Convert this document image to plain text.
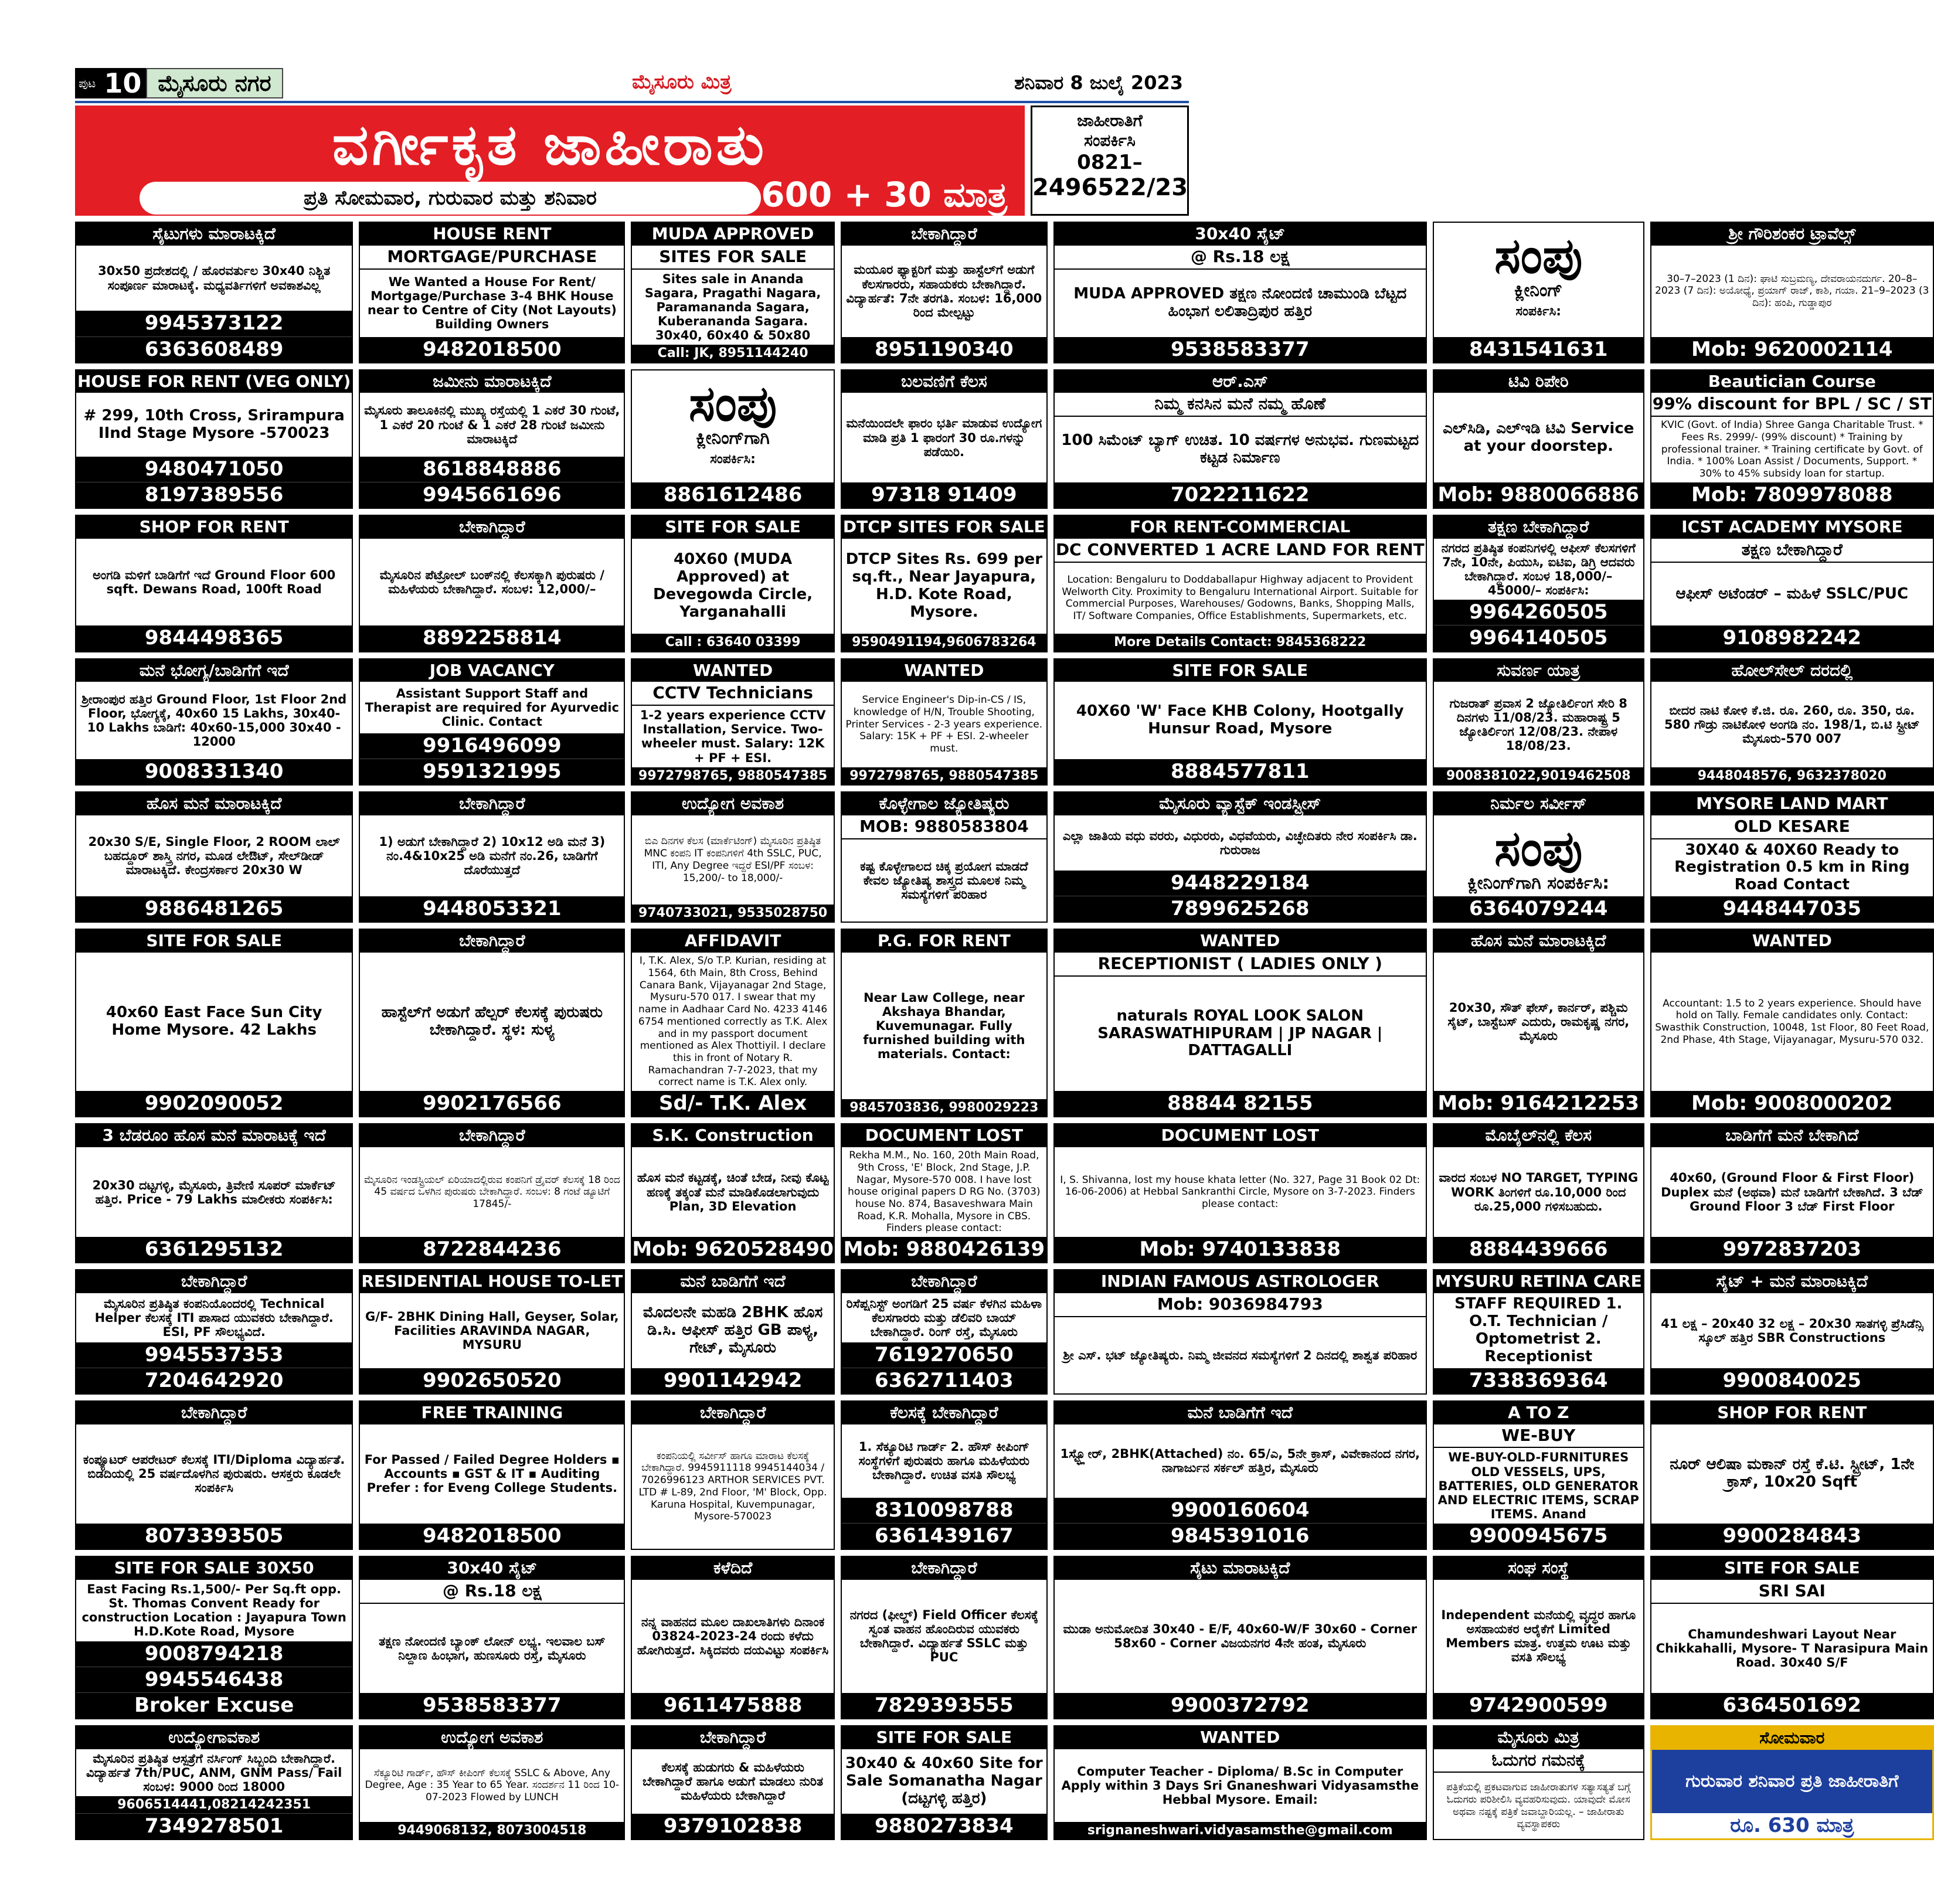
ಪುಟ 10 ಮೈಸೂರು ನಗರ	ಮೈಸೂರು ಮಿತ್ರ	ಶನಿವಾರ 8 ಜುಲೈ 2023
ವರ್ಗೀಕೃತ ಜಾಹೀರಾತು
ಪ್ರತಿ ಸೋಮವಾರ, ಗುರುವಾರ ಮತ್ತು ಶನಿವಾರ	ರೂ. 600 + 30 ಮಾತ್ರ
ಜಾಹೀರಾತಿಗೆ
ಸಂಪರ್ಕಿಸಿ
0821–
2496522/23
ಸೈಟುಗಳು ಮಾರಾಟಕ್ಕಿದೆ
30x50 ಪ್ರದೇಶದಲ್ಲಿ / ಹೊರವರ್ತುಲ 30x40 ನಿಶ್ಚಿತ ಸಂಪೂರ್ಣ ಮಾರಾಟಕ್ಕೆ. ಮಧ್ಯವರ್ತಿಗಳಿಗೆ ಅವಕಾಶವಿಲ್ಲ
9945373122
6363608489
HOUSE RENT
MORTGAGE/PURCHASE
We Wanted a House For Rent/ Mortgage/Purchase 3-4 BHK House near to Centre of City (Not Layouts) Building Owners
9482018500
MUDA APPROVED
SITES FOR SALE
Sites sale in Ananda Sagara, Pragathi Nagara, Paramananda Sagara, Kuberananda Sagara. 30x40, 60x40 & 50x80
Call: JK, 8951144240
ಬೇಕಾಗಿದ್ದಾರೆ
ಮಯೂರ ಫ್ಯಾಕ್ಟರಿಗೆ ಮತ್ತು ಹಾಸ್ಟೆಲ್‌ಗೆ ಅಡುಗೆ ಕೆಲಸಗಾರರು, ಸಹಾಯಕರು ಬೇಕಾಗಿದ್ದಾರೆ. ವಿದ್ಯಾರ್ಹತೆ: 7ನೇ ತರಗತಿ. ಸಂಬಳ: 16,000 ರಿಂದ ಮೇಲ್ಪಟ್ಟು
8951190340
30x40 ಸೈಟ್
@ Rs.18 ಲಕ್ಷ
MUDA APPROVED ತಕ್ಷಣ ನೋಂದಣಿ ಚಾಮುಂಡಿ ಬೆಟ್ಟದ ಹಿಂಭಾಗ ಲಲಿತಾದ್ರಿಪುರ ಹತ್ತಿರ
9538583377
ಸಂಪು
ಕ್ಲೀನಿಂಗ್
ಸಂಪರ್ಕಿಸಿ:
8431541631
ಶ್ರೀ ಗೌರಿಶಂಕರ ಟ್ರಾವೆಲ್ಸ್
30–7–2023 (1 ದಿನ): ಘಾಟಿ ಸುಬ್ರಮಣ್ಯ, ದೇವರಾಯನದುರ್ಗ. 20–8–2023 (7 ದಿನ): ಅಯೋಧ್ಯೆ, ಪ್ರಯಾಗ್ ರಾಜ್, ಕಾಶಿ, ಗಯಾ. 21–9–2023 (3 ದಿನ): ಹಂಪಿ, ಗುಡ್ಡಾಪುರ
Mob: 9620002114
HOUSE FOR RENT (VEG ONLY)
# 299, 10th Cross, Srirampura IInd Stage Mysore -570023
9480471050
8197389556
ಜಮೀನು ಮಾರಾಟಕ್ಕಿದೆ
ಮೈಸೂರು ತಾಲೂಕಿನಲ್ಲಿ ಮುಖ್ಯ ರಸ್ತೆಯಲ್ಲಿ 1 ಎಕರೆ 30 ಗುಂಟೆ, 1 ಎಕರೆ 20 ಗುಂಟೆ & 1 ಎಕರೆ 28 ಗುಂಟೆ ಜಮೀನು ಮಾರಾಟಕ್ಕಿದೆ
8618848886
9945661696
ಸಂಪು
ಕ್ಲೀನಿಂಗ್‌ಗಾಗಿ
ಸಂಪರ್ಕಿಸಿ:
8861612486
ಬಲವಣಿಗೆ ಕೆಲಸ
ಮನೆಯಿಂದಲೇ ಫಾರಂ ಭರ್ತಿ ಮಾಡುವ ಉದ್ಯೋಗ ಮಾಡಿ ಪ್ರತಿ 1 ಫಾರಂಗೆ 30 ರೂ.ಗಳನ್ನು ಪಡೆಯಿರಿ.
97318 91409
ಆರ್.ಎಸ್
ನಿಮ್ಮ ಕನಸಿನ ಮನೆ ನಮ್ಮ ಹೊಣೆ
100 ಸಿಮೆಂಟ್ ಬ್ಯಾಗ್ ಉಚಿತ. 10 ವರ್ಷಗಳ ಅನುಭವ. ಗುಣಮಟ್ಟದ ಕಟ್ಟಡ ನಿರ್ಮಾಣ
7022211622
ಟಿವಿ ರಿಪೇರಿ
ಎಲ್‌ಸಿಡಿ, ಎಲ್‌ಇಡಿ ಟಿವಿ Service at your doorstep.
Mob: 9880066886
Beautician Course
99% discount for BPL / SC / ST
KVIC (Govt. of India) Shree Ganga Charitable Trust. * Fees Rs. 2999/- (99% discount) * Training by professional trainer. * Training certificate by Govt. of India. * 100% Loan Assist / Documents, Support. * 30% to 45% subsidy loan for startup.
Mob: 7809978088
SHOP FOR RENT
ಅಂಗಡಿ ಮಳಿಗೆ ಬಾಡಿಗೆಗೆ ಇದೆ Ground Floor 600 sqft. Dewans Road, 100ft Road
9844498365
ಬೇಕಾಗಿದ್ದಾರೆ
ಮೈಸೂರಿನ ಪೆಟ್ರೋಲ್ ಬಂಕ್‌ನಲ್ಲಿ ಕೆಲಸಕ್ಕಾಗಿ ಪುರುಷರು / ಮಹಿಳೆಯರು ಬೇಕಾಗಿದ್ದಾರೆ. ಸಂಬಳ: 12,000/–
8892258814
SITE FOR SALE
40X60 (MUDA Approved) at Devegowda Circle, Yarganahalli
Call : 63640 03399
DTCP SITES FOR SALE
DTCP Sites Rs. 699 per sq.ft., Near Jayapura, H.D. Kote Road, Mysore.
9590491194,9606783264
FOR RENT-COMMERCIAL
DC CONVERTED 1 ACRE LAND FOR RENT
Location: Bengaluru to Doddaballapur Highway adjacent to Provident Welworth City. Proximity to Bengaluru International Airport. Suitable for Commercial Purposes, Warehouses/ Godowns, Banks, Shopping Malls, IT/ Software Companies, Office Establishments, Supermarkets, etc.
More Details Contact: 9845368222
ತಕ್ಷಣ ಬೇಕಾಗಿದ್ದಾರೆ
ನಗರದ ಪ್ರತಿಷ್ಠಿತ ಕಂಪನಿಗಳಲ್ಲಿ ಆಫೀಸ್ ಕೆಲಸಗಳಿಗೆ 7ನೇ, 10ನೇ, ಪಿಯುಸಿ, ಐಟಿಐ, ಡಿಗ್ರಿ ಆದವರು ಬೇಕಾಗಿದ್ದಾರೆ. ಸಂಬಳ 18,000/– 45000/– ಸಂಪರ್ಕಿಸಿ:
9964260505
9964140505
ICST ACADEMY MYSORE
ತಕ್ಷಣ ಬೇಕಾಗಿದ್ದಾರೆ
ಆಫೀಸ್ ಅಟೆಂಡರ್ – ಮಹಿಳೆ SSLC/PUC
9108982242
ಮನೆ ಭೋಗ್ಯ/ಬಾಡಿಗೆಗೆ ಇದೆ
ಶ್ರೀರಾಂಪುರ ಹತ್ತಿರ Ground Floor, 1st Floor 2nd Floor, ಭೋಗ್ಯಕ್ಕೆ, 40x60 15 Lakhs, 30x40-10 Lakhs ಬಾಡಿಗೆ: 40x60-15,000 30x40 - 12000
9008331340
JOB VACANCY
Assistant Support Staff and Therapist are required for Ayurvedic Clinic. Contact
9916496099
9591321995
WANTED
CCTV Technicians
1-2 years experience CCTV Installation, Service. Two-wheeler must. Salary: 12K + PF + ESI.
9972798765, 9880547385
WANTED
Service Engineer's Dip-in-CS / IS, knowledge of H/N, Trouble Shooting, Printer Services - 2-3 years experience. Salary: 15K + PF + ESI. 2-wheeler must.
9972798765, 9880547385
SITE FOR SALE
40X60 'W' Face KHB Colony, Hootgally Hunsur Road, Mysore
8884577811
ಸುವರ್ಣ ಯಾತ್ರ
ಗುಜರಾತ್ ಪ್ರವಾಸ 2 ಜ್ಯೋತಿರ್ಲಿಂಗ ಸೇರಿ 8 ದಿನಗಳು 11/08/23. ಮಹಾರಾಷ್ಟ್ರ 5 ಜ್ಯೋತಿರ್ಲಿಂಗ 12/08/23. ನೇಪಾಳ 18/08/23.
9008381022,9019462508
ಹೋಲ್‌ಸೇಲ್ ದರದಲ್ಲಿ
ಬೀದರ ನಾಟಿ ಕೋಳಿ ಕೆ.ಜಿ. ರೂ. 260, ರೂ. 350, ರೂ. 580 ಗೌಡ್ರು ನಾಟಿಕೋಳಿ ಅಂಗಡಿ ನಂ. 198/1, ಬಿ.ಟಿ ಸ್ಟ್ರೀಟ್ ಮೈಸೂರು-570 007
9448048576, 9632378020
ಹೊಸ ಮನೆ ಮಾರಾಟಕ್ಕಿದೆ
20x30 S/E, Single Floor, 2 ROOM ಲಾಲ್ ಬಹದ್ದೂರ್ ಶಾಸ್ತ್ರಿ ನಗರ, ಮೂಡ ಲೇಔಟ್, ಸೇಲ್‌ಡೀಡ್ ಮಾರಾಟಕ್ಕಿದೆ. ಕೇಂದ್ರಸರ್ಕಾರ 20x30 W
9886481265
ಬೇಕಾಗಿದ್ದಾರೆ
1) ಅಡುಗೆ ಬೇಕಾಗಿದ್ದಾರೆ 2) 10x12 ಅಡಿ ಮನೆ 3) ನಂ.4&10x25 ಅಡಿ ಮನೆಗೆ ನಂ.26, ಬಾಡಿಗೆಗೆ ದೊರೆಯುತ್ತದೆ
9448053321
ಉದ್ಯೋಗ ಅವಕಾಶ
ಬಿಎ ದಿನಗಳ ಕೆಲಸ (ಮಾರ್ಕೆಟಿಂಗ್) ಮೈಸೂರಿನ ಪ್ರತಿಷ್ಠಿತ MNC ಕಂಪನಿ IT ಕಂಪನಿಗಳಿಗೆ 4th SSLC, PUC, ITI, Any Degree ಇದ್ದರೆ ESI/PF ಸಂಬಳ: 15,200/- to 18,000/-
9740733021, 9535028750
ಕೊಳ್ಳೇಗಾಲ ಜ್ಯೋತಿಷ್ಯರು
MOB: 9880583804
ಕಷ್ಟ ಕೊಳ್ಳೇಗಾಲದ ಚಿಕ್ಕ ಪ್ರಯೋಗ ಮಾಡದೆ ಕೇವಲ ಜ್ಯೋತಿಷ್ಯ ಶಾಸ್ತ್ರದ ಮೂಲಕ ನಿಮ್ಮ ಸಮಸ್ಯೆಗಳಿಗೆ ಪರಿಹಾರ
ಮೈಸೂರು ವ್ಯಾಸ್ಟೆಕ್ ಇಂಡಸ್ಟ್ರೀಸ್
ಎಲ್ಲಾ ಜಾತಿಯ ವಧು ವರರು, ವಿಧುರರು, ವಿಧವೆಯರು, ವಿಚ್ಛೇದಿತರು ನೇರ ಸಂಪರ್ಕಿಸಿ ಡಾ. ಗುರುರಾಜ
9448229184
7899625268
ನಿರ್ಮಲ ಸರ್ವೀಸ್
ಸಂಪು
ಕ್ಲೀನಿಂಗ್‌ಗಾಗಿ ಸಂಪರ್ಕಿಸಿ:
6364079244
MYSORE LAND MART
OLD KESARE
30X40 & 40X60 Ready to Registration 0.5 km in Ring Road Contact
9448447035
SITE FOR SALE
40x60 East Face Sun City Home Mysore. 42 Lakhs
9902090052
ಬೇಕಾಗಿದ್ದಾರೆ
ಹಾಸ್ಟೆಲ್‌ಗೆ ಅಡುಗೆ ಹೆಲ್ಪರ್ ಕೆಲಸಕ್ಕೆ ಪುರುಷರು ಬೇಕಾಗಿದ್ದಾರೆ. ಸ್ಥಳ: ಸುಳ್ಯ
9902176566
AFFIDAVIT
I, T.K. Alex, S/o T.P. Kurian, residing at 1564, 6th Main, 8th Cross, Behind Canara Bank, Vijayanagar 2nd Stage, Mysuru-570 017. I swear that my name in Aadhaar Card No. 4233 4146 6754 mentioned correctly as T.K. Alex and in my passport document mentioned as Alex Thottiyil. I declare this in front of Notary R. Ramachandran 7-7-2023, that my correct name is T.K. Alex only.
Sd/- T.K. Alex
P.G. FOR RENT
Near Law College, near Akshaya Bhandar, Kuvemunagar. Fully furnished building with materials. Contact:
9845703836, 9980029223
WANTED
RECEPTIONIST ( LADIES ONLY )
naturals ROYAL LOOK SALON SARASWATHIPURAM | JP NAGAR | DATTAGALLI
88844 82155
ಹೊಸ ಮನೆ ಮಾರಾಟಕ್ಕಿದೆ
20x30, ಸೌತ್ ಫೇಸ್, ಕಾರ್ನರ್, ಪಶ್ಚಿಮ ಸೈಟ್, ಬಾಸ್ಟೆಬಸ್ ಎದುರು, ರಾಮಕೃಷ್ಣ ನಗರ, ಮೈಸೂರು
Mob: 9164212253
WANTED
Accountant: 1.5 to 2 years experience. Should have hold on Tally. Female candidates only. Contact: Swasthik Construction, 10048, 1st Floor, 80 Feet Road, 2nd Phase, 4th Stage, Vijayanagar, Mysuru-570 032.
Mob: 9008000202
3 ಬೆಡರೂಂ ಹೊಸ ಮನೆ ಮಾರಾಟಕ್ಕೆ ಇದೆ
20x30 ದಟ್ಟಗಳ್ಳಿ, ಮೈಸೂರು, ತ್ರಿವೇಣಿ ಸೂಪರ್ ಮಾರ್ಕೆಟ್ ಹತ್ತಿರ. Price - 79 Lakhs ಮಾಲೀಕರು ಸಂಪರ್ಕಿಸಿ:
6361295132
ಬೇಕಾಗಿದ್ದಾರೆ
ಮೈಸೂರಿನ ಇಂಡಸ್ಟ್ರಿಯಲ್ ಏರಿಯಾದಲ್ಲಿರುವ ಕಂಪನಿಗೆ ಡ್ರೈವರ್ ಕೆಲಸಕ್ಕೆ 18 ರಿಂದ 45 ವರ್ಷದ ಒಳಗಿನ ಪುರುಷರು ಬೇಕಾಗಿದ್ದಾರೆ. ಸಂಬಳ: 8 ಗಂಟೆ ಡ್ಯೂಟಿಗೆ 17845/-
8722844236
S.K. Construction
ಹೊಸ ಮನೆ ಕಟ್ಟಡಕ್ಕೆ, ಚಿಂತೆ ಬೇಡ, ನೀವು ಕೊಟ್ಟ ಹಣಕ್ಕೆ ತಕ್ಕಂತೆ ಮನೆ ಮಾಡಿಕೊಡಲಾಗುವುದು Plan, 3D Elevation
Mob: 9620528490
DOCUMENT LOST
Rekha M.M., No. 160, 20th Main Road, 9th Cross, 'E' Block, 2nd Stage, J.P. Nagar, Mysore-570 008. I have lost house original papers D RG No. (3703) house No. 874, Basaveshwara Main Road, K.R. Mohalla, Mysore in CBS. Finders please contact:
Mob: 9880426139
DOCUMENT LOST
I, S. Shivanna, lost my house khata letter (No. 327, Page 31 Book 02 Dt: 16-06-2006) at Hebbal Sankranthi Circle, Mysore on 3-7-2023. Finders please contact:
Mob: 9740133838
ಮೊಬೈಲ್‌ನಲ್ಲಿ ಕೆಲಸ
ವಾರದ ಸಂಬಳ NO TARGET, TYPING WORK ತಿಂಗಳಿಗೆ ರೂ.10,000 ರಿಂದ ರೂ.25,000 ಗಳಿಸಬಹುದು.
8884439666
ಬಾಡಿಗೆಗೆ ಮನೆ ಬೇಕಾಗಿದೆ
40x60, (Ground Floor & First Floor) Duplex ಮನೆ (ಅಥವಾ) ಮನೆ ಬಾಡಿಗೆಗೆ ಬೇಕಾಗಿದೆ. 3 ಬೆಡ್ Ground Floor 3 ಬೆಡ್ First Floor
9972837203
ಬೇಕಾಗಿದ್ದಾರೆ
ಮೈಸೂರಿನ ಪ್ರತಿಷ್ಠಿತ ಕಂಪನಿಯೊಂದರಲ್ಲಿ Technical Helper ಕೆಲಸಕ್ಕೆ ITI ಪಾಸಾದ ಯುವಕರು ಬೇಕಾಗಿದ್ದಾರೆ. ESI, PF ಸೌಲಭ್ಯವಿದೆ.
9945537353
7204642920
RESIDENTIAL HOUSE TO-LET
G/F- 2BHK Dining Hall, Geyser, Solar, Facilities ARAVINDA NAGAR, MYSURU
9902650520
ಮನೆ ಬಾಡಿಗೆಗೆ ಇದೆ
ಮೊದಲನೇ ಮಹಡಿ 2BHK ಹೊಸ ಡಿ.ಸಿ. ಆಫೀಸ್ ಹತ್ತಿರ GB ಪಾಳ್ಯ, ಗೇಟ್, ಮೈಸೂರು
9901142942
ಬೇಕಾಗಿದ್ದಾರೆ
ರಿಸೆಪ್ಷನಿಸ್ಟ್ ಅಂಗಡಿಗೆ 25 ವರ್ಷ ಕೆಳಗಿನ ಮಹಿಳಾ ಕೆಲಸಗಾರರು ಮತ್ತು ಡೆಲಿವರಿ ಬಾಯ್ ಬೇಕಾಗಿದ್ದಾರೆ. ರಿಂಗ್ ರಸ್ತೆ, ಮೈಸೂರು
7619270650
6362711403
INDIAN FAMOUS ASTROLOGER
Mob: 9036984793
ಶ್ರೀ ಎಸ್. ಭಟ್ ಜ್ಯೋತಿಷ್ಯರು. ನಿಮ್ಮ ಜೀವನದ ಸಮಸ್ಯೆಗಳಿಗೆ 2 ದಿನದಲ್ಲಿ ಶಾಶ್ವತ ಪರಿಹಾರ
MYSURU RETINA CARE
STAFF REQUIRED 1. O.T. Technician / Optometrist 2. Receptionist
7338369364
ಸೈಟ್ + ಮನೆ ಮಾರಾಟಕ್ಕಿದೆ
41 ಲಕ್ಷ – 20x40 32 ಲಕ್ಷ – 20x30 ಸಾತಗಳ್ಳಿ ಪ್ರೆಸಿಡೆನ್ಸಿ ಸ್ಕೂಲ್ ಹತ್ತಿರ SBR Constructions
9900840025
ಬೇಕಾಗಿದ್ದಾರೆ
ಕಂಪ್ಯೂಟರ್ ಆಪರೇಟರ್ ಕೆಲಸಕ್ಕೆ ITI/Diploma ವಿದ್ಯಾರ್ಹತೆ. ಬಿಡದಿಯಲ್ಲಿ 25 ವರ್ಷದೊಳಗಿನ ಪುರುಷರು. ಆಸಕ್ತರು ಕೂಡಲೇ ಸಂಪರ್ಕಿಸಿ
8073393505
FREE TRAINING
For Passed / Failed Degree Holders ▪ Accounts ▪ GST & IT ▪ Auditing Prefer : for Eveng College Students.
9482018500
ಬೇಕಾಗಿದ್ದಾರೆ
ಕಂಪನಿಯಲ್ಲಿ ಸರ್ವೀಸ್ ಹಾಗೂ ಮಾರಾಟ ಕೆಲಸಕ್ಕೆ ಬೇಕಾಗಿದ್ದಾರೆ. 9945911118 9945144034 / 7026996123 ARTHOR SERVICES PVT. LTD # L-89, 2nd Floor, 'M' Block, Opp. Karuna Hospital, Kuvempunagar, Mysore-570023
ಕೆಲಸಕ್ಕೆ ಬೇಕಾಗಿದ್ದಾರೆ
1. ಸೆಕ್ಯೂರಿಟಿ ಗಾರ್ಡ್ 2. ಹೌಸ್ ಕೀಪಿಂಗ್ ಸಂಸ್ಥೆಗಳಿಗೆ ಪುರುಷರು ಹಾಗೂ ಮಹಿಳೆಯರು ಬೇಕಾಗಿದ್ದಾರೆ. ಉಚಿತ ವಸತಿ ಸೌಲಭ್ಯ
8310098788
6361439167
ಮನೆ ಬಾಡಿಗೆಗೆ ಇದೆ
1ಸ್ಟ್ಫ್ಲೋರ್, 2BHK(Attached) ನಂ. 65/ಎ, 5ನೇ ಕ್ರಾಸ್, ವಿವೇಕಾನಂದ ನಗರ, ನಾಗಾರ್ಜುನ ಸರ್ಕಲ್ ಹತ್ತಿರ, ಮೈಸೂರು
9900160604
9845391016
A TO Z
WE-BUY
WE-BUY-OLD-FURNITURES OLD VESSELS, UPS, BATTERIES, OLD GENERATOR AND ELECTRIC ITEMS, SCRAP ITEMS. Anand
9900945675
SHOP FOR RENT
ನೂರ್ ಆಲಿಷಾ ಮಕಾನ್ ರಸ್ತೆ ಕೆ.ಟಿ. ಸ್ಟ್ರೀಟ್, 1ನೇ ಕ್ರಾಸ್, 10x20 Sqft
9900284843
SITE FOR SALE 30X50
East Facing Rs.1,500/- Per Sq.ft opp. St. Thomas Convent Ready for construction Location : Jayapura Town H.D.Kote Road, Mysore
9008794218
9945546438
Broker Excuse
30x40 ಸೈಟ್
@ Rs.18 ಲಕ್ಷ
ತಕ್ಷಣ ನೋಂದಣಿ ಬ್ಯಾಂಕ್ ಲೋನ್ ಲಭ್ಯ. ಇಲವಾಲ ಬಸ್ ನಿಲ್ದಾಣ ಹಿಂಭಾಗ, ಹುಣಸೂರು ರಸ್ತೆ, ಮೈಸೂರು
9538583377
ಕಳೆದಿದೆ
ನನ್ನ ವಾಹನದ ಮೂಲ ದಾಖಲಾತಿಗಳು ದಿನಾಂಕ 03824-2023-24 ರಂದು ಕಳೆದು ಹೋಗಿರುತ್ತದೆ. ಸಿಕ್ಕಿದವರು ದಯವಿಟ್ಟು ಸಂಪರ್ಕಿಸಿ
9611475888
ಬೇಕಾಗಿದ್ದಾರೆ
ನಗರದ (ಫೀಲ್ಡ್) Field Officer ಕೆಲಸಕ್ಕೆ ಸ್ವಂತ ವಾಹನ ಹೊಂದಿರುವ ಯುವಕರು ಬೇಕಾಗಿದ್ದಾರೆ. ವಿದ್ಯಾರ್ಹತೆ SSLC ಮತ್ತು PUC
7829393555
ಸೈಟು ಮಾರಾಟಕ್ಕಿದೆ
ಮುಡಾ ಅನುಮೋದಿತ 30x40 - E/F, 40x60-W/F 30x60 - Corner 58x60 - Corner ವಿಜಯನಗರ 4ನೇ ಹಂತ, ಮೈಸೂರು
9900372792
ಸಂಘ ಸಂಸ್ಥೆ
Independent ಮನೆಯಲ್ಲಿ ವೃದ್ಧರ ಹಾಗೂ ಅಸಹಾಯಕರ ಆರೈಕೆಗೆ Limited Members ಮಾತ್ರ. ಉತ್ತಮ ಊಟ ಮತ್ತು ವಸತಿ ಸೌಲಭ್ಯ
9742900599
SITE FOR SALE
SRI SAI
Chamundeshwari Layout Near Chikkahalli, Mysore- T Narasipura Main Road. 30x40 S/F
6364501692
ಉದ್ಯೋಗಾವಕಾಶ
ಮೈಸೂರಿನ ಪ್ರತಿಷ್ಠಿತ ಆಸ್ಪತ್ರೆಗೆ ನರ್ಸಿಂಗ್ ಸಿಬ್ಬಂದಿ ಬೇಕಾಗಿದ್ದಾರೆ. ವಿದ್ಯಾರ್ಹತೆ 7th/PUC, ANM, GNM Pass/ Fail ಸಂಬಳ: 9000 ರಿಂದ 18000
9606514441,08214242351
7349278501
ಉದ್ಯೋಗ ಅವಕಾಶ
ಸೆಕ್ಯೂರಿಟಿ ಗಾರ್ಡ್, ಹೌಸ್ ಕೀಪಿಂಗ್ ಕೆಲಸಕ್ಕೆ SSLC & Above, Any Degree, Age : 35 Year to 65 Year. ಸಂದರ್ಶನ 11 ರಿಂದ 10-07-2023 Flowed by LUNCH
9449068132, 8073004518
ಬೇಕಾಗಿದ್ದಾರೆ
ಕೆಲಸಕ್ಕೆ ಹುಡುಗರು & ಮಹಿಳೆಯರು ಬೇಕಾಗಿದ್ದಾರೆ ಹಾಗೂ ಅಡುಗೆ ಮಾಡಲು ನುರಿತ ಮಹಿಳೆಯರು ಬೇಕಾಗಿದ್ದಾರೆ
9379102838
SITE FOR SALE
30x40 & 40x60 Site for Sale Somanatha Nagar (ದಟ್ಟಗಳ್ಳಿ ಹತ್ತಿರ)
9880273834
WANTED
Computer Teacher - Diploma/ B.Sc in Computer Apply within 3 Days Sri Gnaneshwari Vidyasamsthe Hebbal Mysore. Email:
srignaneshwari.vidyasamsthe@gmail.com
ಮೈಸೂರು ಮಿತ್ರ
ಓದುಗರ ಗಮನಕ್ಕೆ
ಪತ್ರಿಕೆಯಲ್ಲಿ ಪ್ರಕಟವಾಗುವ ಜಾಹೀರಾತುಗಳ ಸತ್ಯಾಸತ್ಯತೆ ಬಗ್ಗೆ ಓದುಗರು ಪರಿಶೀಲಿಸಿ ವ್ಯವಹರಿಸುವುದು. ಯಾವುದೇ ಮೋಸ ಅಥವಾ ನಷ್ಟಕ್ಕೆ ಪತ್ರಿಕೆ ಜವಾಬ್ದಾರಿಯಲ್ಲ. – ಜಾಹೀರಾತು ವ್ಯವಸ್ಥಾಪಕರು
ಸೋಮವಾರ
ಗುರುವಾರ ಶನಿವಾರ ಪ್ರತಿ ಜಾಹೀರಾತಿಗೆ
ರೂ. 630 ಮಾತ್ರ
